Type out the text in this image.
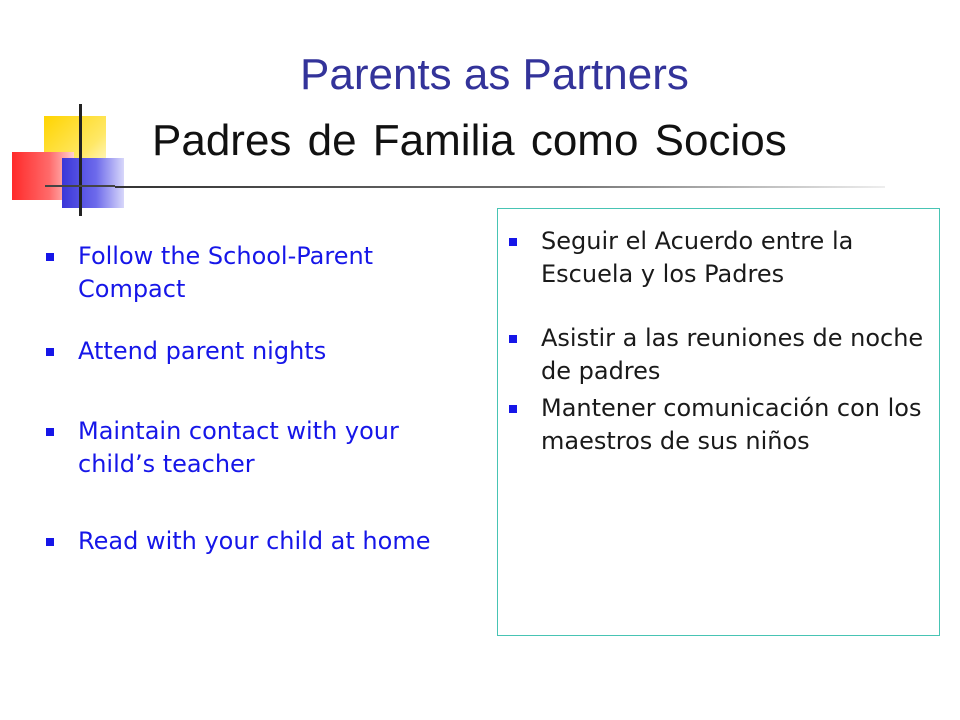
Parents as Partners
Padres de Familia como Socios
Follow the School-Parent Compact
Attend parent nights
Maintain contact with your child’s teacher
Read with your child at home
Seguir el Acuerdo entre la Escuela y los Padres
Asistir a las reuniones de noche de padres
Mantener comunicación con los maestros de sus niños
